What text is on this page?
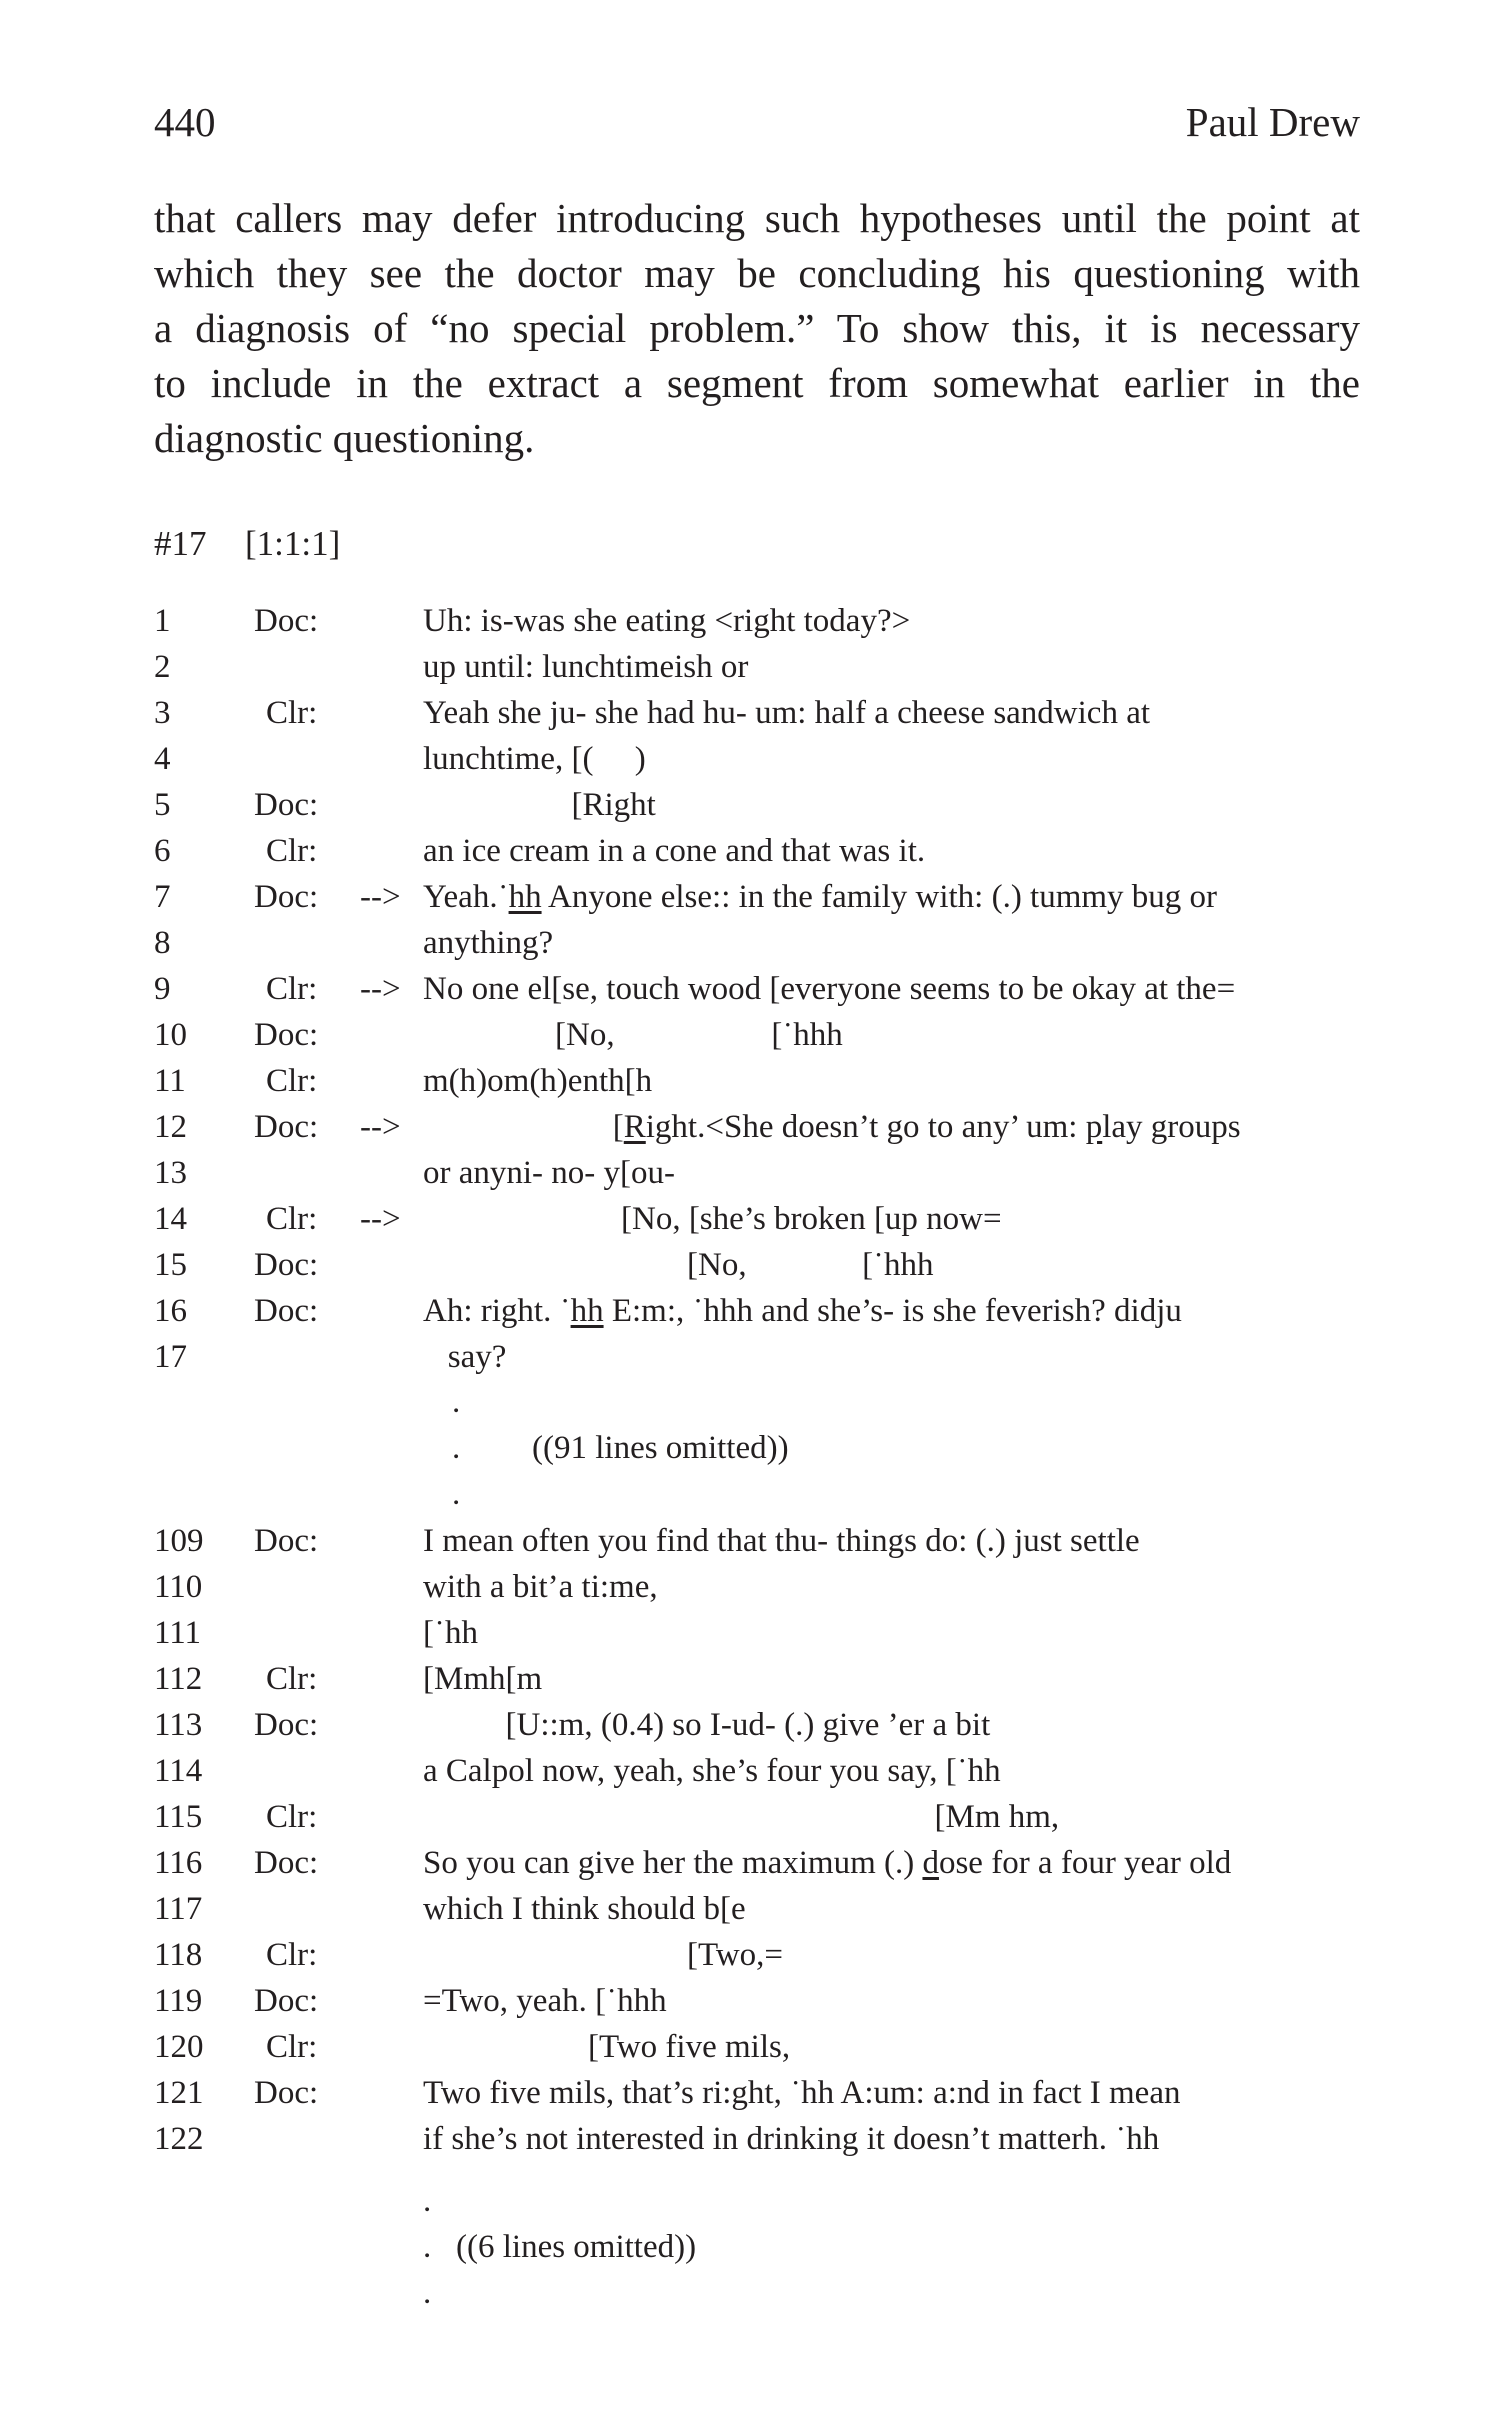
440	Paul Drew
that callers may defer introducing such hypotheses until the point at
which they see the doctor may be concluding his questioning with
a diagnosis of “no special problem.” To show this, it is necessary
to include in the extract a segment from somewhat earlier in the
diagnostic questioning.
#17 [1:1:1]
1	Doc:	Uh: is-was she eating <right today?>
2	up until: lunchtimeish or
3	Clr:	Yeah she ju- she had hu- um: half a cheese sandwich at
4	lunchtime, [(     )
5	Doc:	[Right
6	Clr:	an ice cream in a cone and that was it.
7	Doc: --> Yeah.˙hh Anyone else:: in the family with: (.) tummy bug or
8	anything?
9	Clr: --> No one el[se, touch wood [everyone seems to be okay at the=
10 Doc:	[No,                   [˙hhh
11 Clr:	m(h)om(h)enth[h
12 Doc: --> [Right.<She doesn’t go to any’ um: play groups
13	or anyni- no- y[ou-
14 Clr: --> [No, [she’s broken [up now=
15 Doc:	[No,              [˙hhh
16 Doc:	Ah: right. ˙hh E:m:, ˙hhh and she’s- is she feverish? didju
17	say?
109 Doc:	I mean often you find that thu- things do: (.) just settle
110	with a bit’a ti:me,
111	[˙hh
112 Clr:	[Mmh[m
113 Doc:	[U::m, (0.4) so I-ud- (.) give ’er a bit
114	a Calpol now, yeah, she’s four you say, [˙hh
115 Clr:	[Mm hm,
116 Doc:	So you can give her the maximum (.) dose for a four year old
117	which I think should b[e
118 Clr:	[Two,=
119 Doc:	=Two, yeah. [˙hhh
120 Clr:	[Two five mils,
121 Doc:	Two five mils, that’s ri:ght, ˙hh A:um: a:nd in fact I mean
122	if she’s not interested in drinking it doesn’t matterh. ˙hh
.
. ((91 lines omitted))
.
.
. ((6 lines omitted))
.
